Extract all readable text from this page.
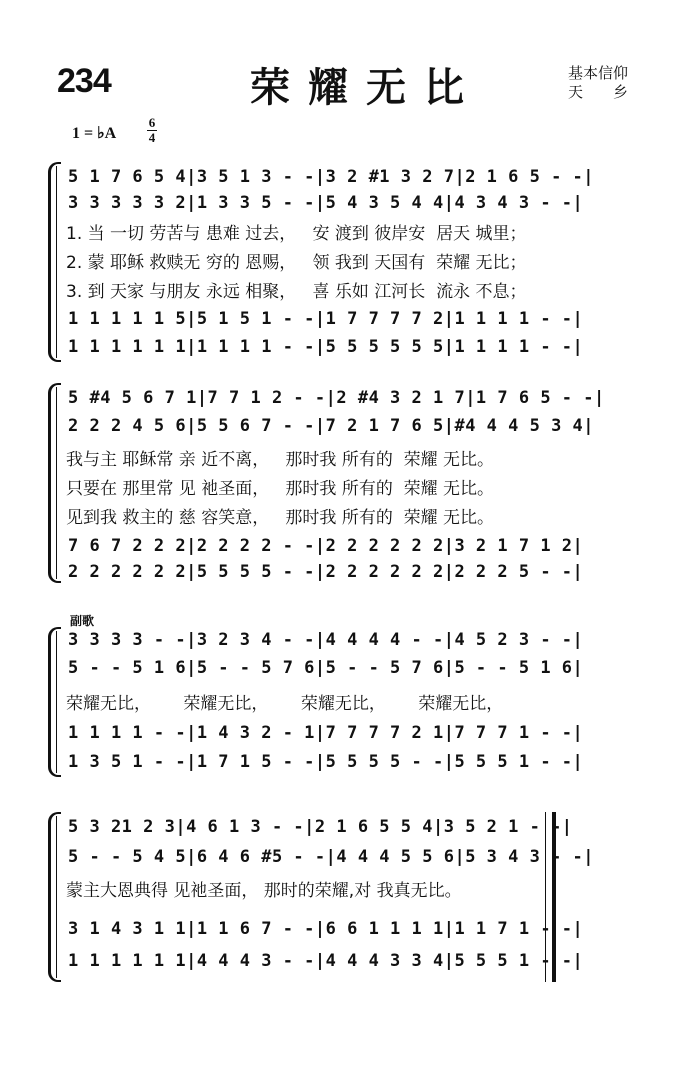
234	荣耀无比	基本信仰
天　　乡
1 = ♭A
6
4
5 1 7 6 5 4|3 5 1 3 - -|3 2 #1 3 2 7|2 1 6 5 - -|
3 3 3 3 3 2|1 3 3 5 - -|5 4 3 5 4 4|4 3 4 3 - -|
1. 当 一切 劳苦与 患难 过去，   安 渡到 彼岸安  居天 城里；
2. 蒙 耶稣 救赎无 穷的 恩赐，   领 我到 天国有  荣耀 无比；
3. 到 天家 与朋友 永远 相聚，   喜 乐如 江河长  流永 不息；
1 1 1 1 1 5|5 1 5 1 - -|1 7 7 7 7 2|1 1 1 1 - -|
1 1 1 1 1 1|1 1 1 1 - -|5 5 5 5 5 5|1 1 1 1 - -|
5 #4 5 6 7 1|7 7 1 2 - -|2 #4 3 2 1 7|1 7 6 5 - -|
2 2 2 4 5 6|5 5 6 7 - -|7 2 1 7 6 5|#4 4 4 5 3 4|
我与主 耶稣常 亲 近不离，   那时我 所有的  荣耀 无比。
只要在 那里常 见 祂圣面，   那时我 所有的  荣耀 无比。
见到我 救主的 慈 容笑意，   那时我 所有的  荣耀 无比。
7 6 7 2 2 2|2 2 2 2 - -|2 2 2 2 2 2|3 2 1 7 1 2|
2 2 2 2 2 2|5 5 5 5 - -|2 2 2 2 2 2|2 2 2 5 - -|
副歌
3 3 3 3 - -|3 2 3 4 - -|4 4 4 4 - -|4 5 2 3 - -|
5 - - 5 1 6|5 - - 5 7 6|5 - - 5 7 6|5 - - 5 1 6|
荣耀无比，      荣耀无比，      荣耀无比，      荣耀无比，
1 1 1 1 - -|1 4 3 2 - 1|7 7 7 7 2 1|7 7 7 1 - -|
1 3 5 1 - -|1 7 1 5 - -|5 5 5 5 - -|5 5 5 1 - -|
5 3 21 2 3|4 6 1 3 - -|2 1 6 5 5 4|3 5 2 1 - -|
5 - - 5 4 5|6 4 6 #5 - -|4 4 4 5 5 6|5 3 4 3 - -|
蒙主大恩典得 见祂圣面， 那时的荣耀,对 我真无比。
3 1 4 3 1 1|1 1 6 7 - -|6 6 1 1 1 1|1 1 7 1 - -|
1 1 1 1 1 1|4 4 4 3 - -|4 4 4 3 3 4|5 5 5 1 - -|
